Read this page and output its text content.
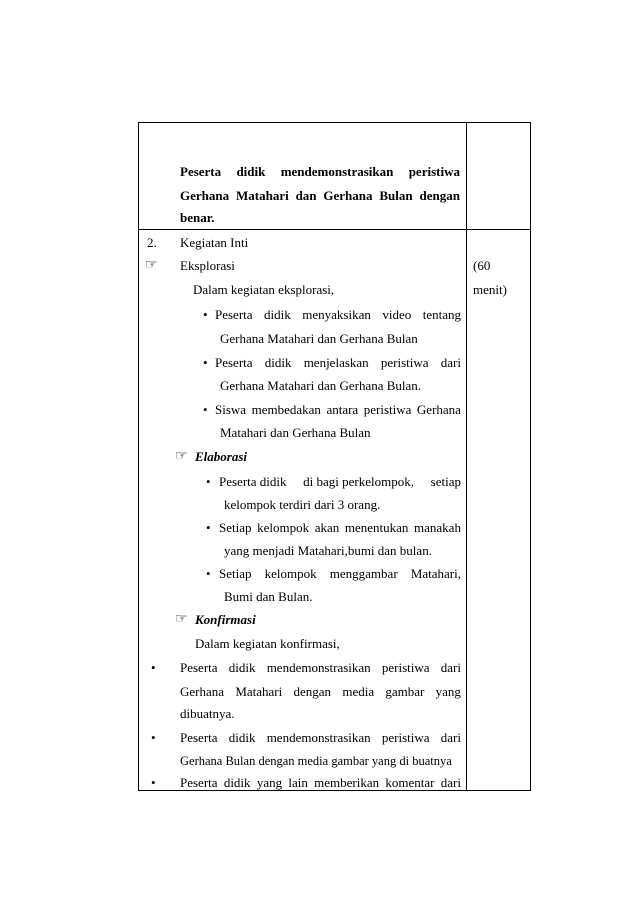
Peserta didik mendemonstrasikan peristiwa
Gerhana Matahari dan Gerhana Bulan dengan
benar.
2. Kegiatan Inti
(60
menit)
☞ Eksplorasi
Dalam kegiatan eksplorasi,
• Peserta didik menyaksikan video tentang
Gerhana Matahari dan Gerhana Bulan
• Peserta didik menjelaskan peristiwa dari
Gerhana Matahari dan Gerhana Bulan.
• Siswa membedakan antara peristiwa Gerhana
Matahari dan Gerhana Bulan
☞ Elaborasi
• Peserta didik di bagi perkelompok, setiap
kelompok terdiri dari 3 orang.
• Setiap kelompok akan menentukan manakah
yang menjadi Matahari,bumi dan bulan.
• Setiap kelompok menggambar Matahari,
Bumi dan Bulan.
☞ Konfirmasi
Dalam kegiatan konfirmasi,
• Peserta didik mendemonstrasikan peristiwa dari
Gerhana Matahari dengan media gambar yang
dibuatnya.
• Peserta didik mendemonstrasikan peristiwa dari
Gerhana Bulan dengan media gambar yang di buatnya
• Peserta didik yang lain memberikan komentar dari
